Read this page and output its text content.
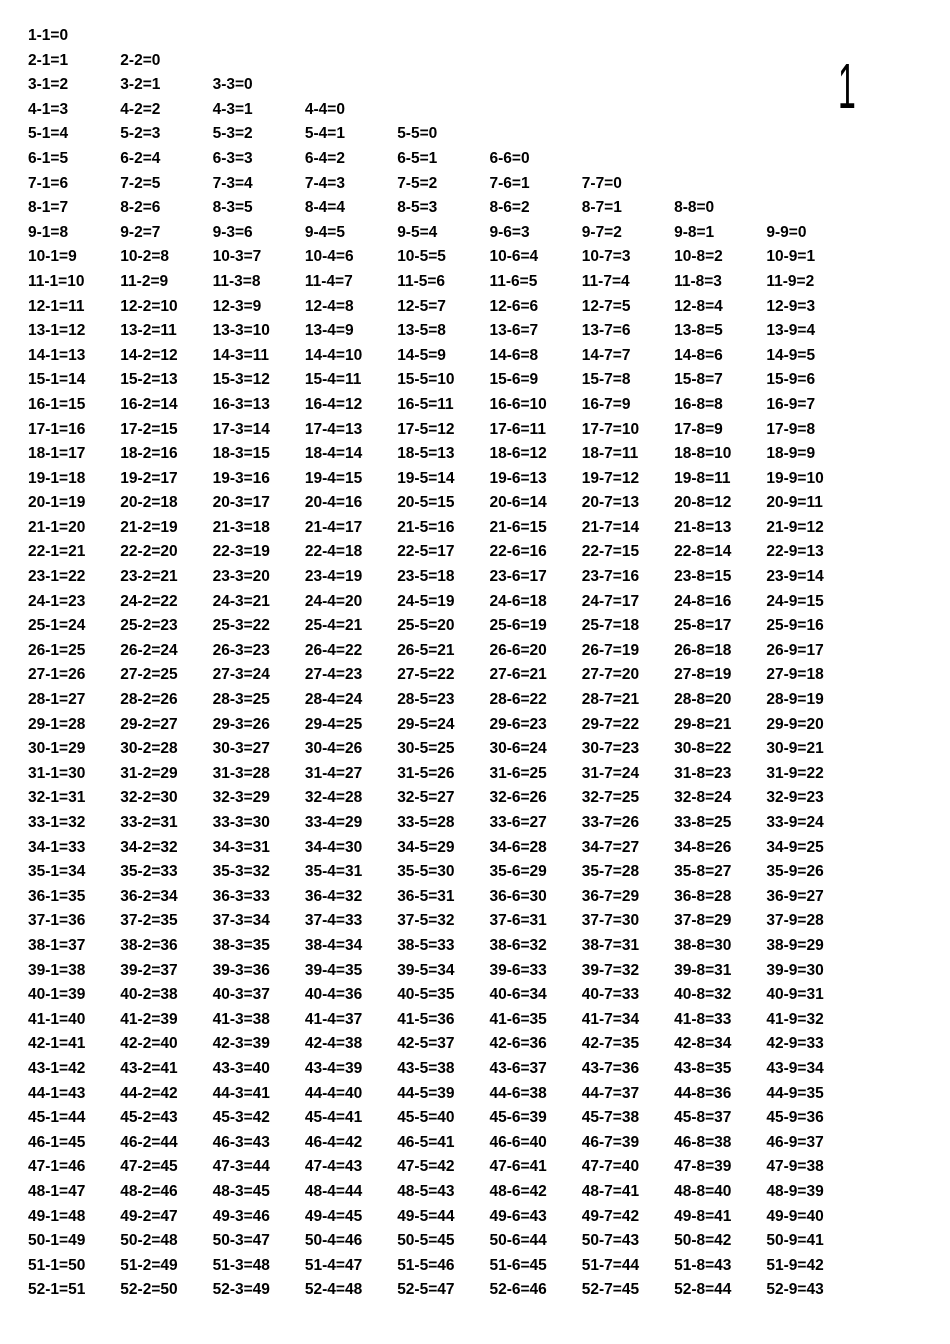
1
1-1=0
2-1=1	2-2=0
3-1=2	3-2=1	3-3=0
4-1=3	4-2=2	4-3=1	4-4=0
5-1=4	5-2=3	5-3=2	5-4=1	5-5=0
6-1=5	6-2=4	6-3=3	6-4=2	6-5=1	6-6=0
7-1=6	7-2=5	7-3=4	7-4=3	7-5=2	7-6=1	7-7=0
8-1=7	8-2=6	8-3=5	8-4=4	8-5=3	8-6=2	8-7=1	8-8=0
9-1=8	9-2=7	9-3=6	9-4=5	9-5=4	9-6=3	9-7=2	9-8=1	9-9=0
10-1=9	10-2=8	10-3=7	10-4=6	10-5=5	10-6=4	10-7=3	10-8=2	10-9=1
11-1=10	11-2=9	11-3=8	11-4=7	11-5=6	11-6=5	11-7=4	11-8=3	11-9=2
12-1=11	12-2=10	12-3=9	12-4=8	12-5=7	12-6=6	12-7=5	12-8=4	12-9=3
13-1=12	13-2=11	13-3=10	13-4=9	13-5=8	13-6=7	13-7=6	13-8=5	13-9=4
14-1=13	14-2=12	14-3=11	14-4=10	14-5=9	14-6=8	14-7=7	14-8=6	14-9=5
15-1=14	15-2=13	15-3=12	15-4=11	15-5=10	15-6=9	15-7=8	15-8=7	15-9=6
16-1=15	16-2=14	16-3=13	16-4=12	16-5=11	16-6=10	16-7=9	16-8=8	16-9=7
17-1=16	17-2=15	17-3=14	17-4=13	17-5=12	17-6=11	17-7=10	17-8=9	17-9=8
18-1=17	18-2=16	18-3=15	18-4=14	18-5=13	18-6=12	18-7=11	18-8=10	18-9=9
19-1=18	19-2=17	19-3=16	19-4=15	19-5=14	19-6=13	19-7=12	19-8=11	19-9=10
20-1=19	20-2=18	20-3=17	20-4=16	20-5=15	20-6=14	20-7=13	20-8=12	20-9=11
21-1=20	21-2=19	21-3=18	21-4=17	21-5=16	21-6=15	21-7=14	21-8=13	21-9=12
22-1=21	22-2=20	22-3=19	22-4=18	22-5=17	22-6=16	22-7=15	22-8=14	22-9=13
23-1=22	23-2=21	23-3=20	23-4=19	23-5=18	23-6=17	23-7=16	23-8=15	23-9=14
24-1=23	24-2=22	24-3=21	24-4=20	24-5=19	24-6=18	24-7=17	24-8=16	24-9=15
25-1=24	25-2=23	25-3=22	25-4=21	25-5=20	25-6=19	25-7=18	25-8=17	25-9=16
26-1=25	26-2=24	26-3=23	26-4=22	26-5=21	26-6=20	26-7=19	26-8=18	26-9=17
27-1=26	27-2=25	27-3=24	27-4=23	27-5=22	27-6=21	27-7=20	27-8=19	27-9=18
28-1=27	28-2=26	28-3=25	28-4=24	28-5=23	28-6=22	28-7=21	28-8=20	28-9=19
29-1=28	29-2=27	29-3=26	29-4=25	29-5=24	29-6=23	29-7=22	29-8=21	29-9=20
30-1=29	30-2=28	30-3=27	30-4=26	30-5=25	30-6=24	30-7=23	30-8=22	30-9=21
31-1=30	31-2=29	31-3=28	31-4=27	31-5=26	31-6=25	31-7=24	31-8=23	31-9=22
32-1=31	32-2=30	32-3=29	32-4=28	32-5=27	32-6=26	32-7=25	32-8=24	32-9=23
33-1=32	33-2=31	33-3=30	33-4=29	33-5=28	33-6=27	33-7=26	33-8=25	33-9=24
34-1=33	34-2=32	34-3=31	34-4=30	34-5=29	34-6=28	34-7=27	34-8=26	34-9=25
35-1=34	35-2=33	35-3=32	35-4=31	35-5=30	35-6=29	35-7=28	35-8=27	35-9=26
36-1=35	36-2=34	36-3=33	36-4=32	36-5=31	36-6=30	36-7=29	36-8=28	36-9=27
37-1=36	37-2=35	37-3=34	37-4=33	37-5=32	37-6=31	37-7=30	37-8=29	37-9=28
38-1=37	38-2=36	38-3=35	38-4=34	38-5=33	38-6=32	38-7=31	38-8=30	38-9=29
39-1=38	39-2=37	39-3=36	39-4=35	39-5=34	39-6=33	39-7=32	39-8=31	39-9=30
40-1=39	40-2=38	40-3=37	40-4=36	40-5=35	40-6=34	40-7=33	40-8=32	40-9=31
41-1=40	41-2=39	41-3=38	41-4=37	41-5=36	41-6=35	41-7=34	41-8=33	41-9=32
42-1=41	42-2=40	42-3=39	42-4=38	42-5=37	42-6=36	42-7=35	42-8=34	42-9=33
43-1=42	43-2=41	43-3=40	43-4=39	43-5=38	43-6=37	43-7=36	43-8=35	43-9=34
44-1=43	44-2=42	44-3=41	44-4=40	44-5=39	44-6=38	44-7=37	44-8=36	44-9=35
45-1=44	45-2=43	45-3=42	45-4=41	45-5=40	45-6=39	45-7=38	45-8=37	45-9=36
46-1=45	46-2=44	46-3=43	46-4=42	46-5=41	46-6=40	46-7=39	46-8=38	46-9=37
47-1=46	47-2=45	47-3=44	47-4=43	47-5=42	47-6=41	47-7=40	47-8=39	47-9=38
48-1=47	48-2=46	48-3=45	48-4=44	48-5=43	48-6=42	48-7=41	48-8=40	48-9=39
49-1=48	49-2=47	49-3=46	49-4=45	49-5=44	49-6=43	49-7=42	49-8=41	49-9=40
50-1=49	50-2=48	50-3=47	50-4=46	50-5=45	50-6=44	50-7=43	50-8=42	50-9=41
51-1=50	51-2=49	51-3=48	51-4=47	51-5=46	51-6=45	51-7=44	51-8=43	51-9=42
52-1=51	52-2=50	52-3=49	52-4=48	52-5=47	52-6=46	52-7=45	52-8=44	52-9=43
